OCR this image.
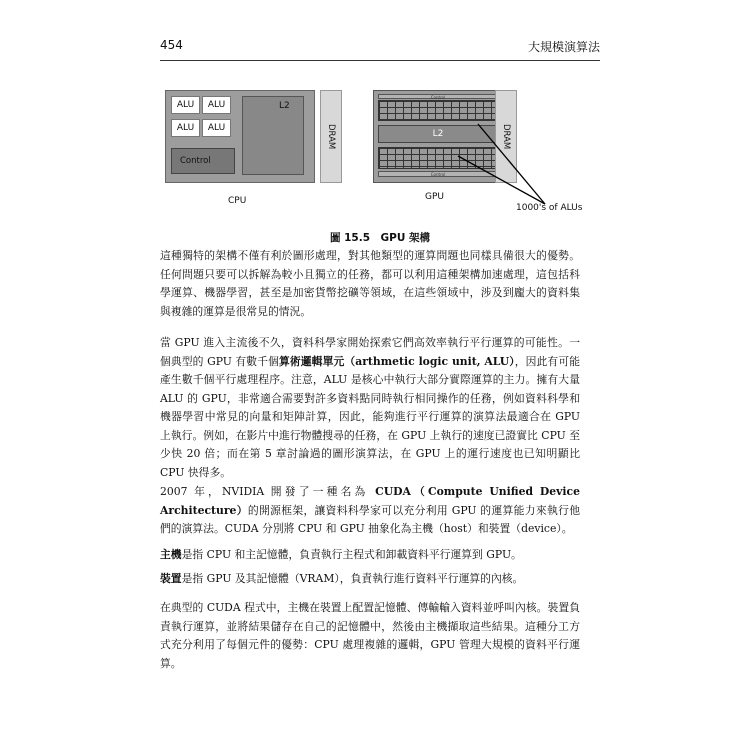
454	大規模演算法
ALU	ALU
ALU	ALU
L2
Control
DRAM
CPU
Control
L2
Control
DRAM
GPU
1000's of ALUs
圖 15.5　GPU 架構

這種獨特的架構不僅有利於圖形處理，對其他類型的運算問題也同樣具備很大的優勢。任何問題只要可以拆解為較小且獨立的任務，都可以利用這種架構加速處理，這包括科學運算、機器學習，甚至是加密貨幣挖礦等領域，在這些領域中，涉及到龐大的資料集與複雜的運算是很常見的情況。

當 GPU 進入主流後不久，資料科學家開始探索它們高效率執行平行運算的可能性。一個典型的 GPU 有數千個算術邏輯單元（arthmetic logic unit, ALU），因此有可能產生數千個平行處理程序。注意，ALU 是核心中執行大部分實際運算的主力。擁有大量 ALU 的 GPU，非常適合需要對許多資料點同時執行相同操作的任務，例如資料科學和機器學習中常見的向量和矩陣計算，因此，能夠進行平行運算的演算法最適合在 GPU 上執行。例如，在影片中進行物體搜尋的任務，在 GPU 上執行的速度已證實比 CPU 至少快 20 倍；而在第 5 章討論過的圖形演算法，在 GPU 上的運行速度也已知明顯比 CPU 快得多。

2007 年，NVIDIA 開發了一種名為 CUDA（Compute Unified Device Architecture）的開源框架，讓資料科學家可以充分利用 GPU 的運算能力來執行他們的演算法。CUDA 分別將 CPU 和 GPU 抽象化為主機（host）和裝置（device）。

主機是指 CPU 和主記憶體，負責執行主程式和卸載資料平行運算到 GPU。

裝置是指 GPU 及其記憶體（VRAM），負責執行進行資料平行運算的內核。

在典型的 CUDA 程式中，主機在裝置上配置記憶體、傳輸輸入資料並呼叫內核。裝置負責執行運算，並將結果儲存在自己的記憶體中，然後由主機擷取這些結果。這種分工方式充分利用了每個元件的優勢：CPU 處理複雜的邏輯，GPU 管理大規模的資料平行運算。
